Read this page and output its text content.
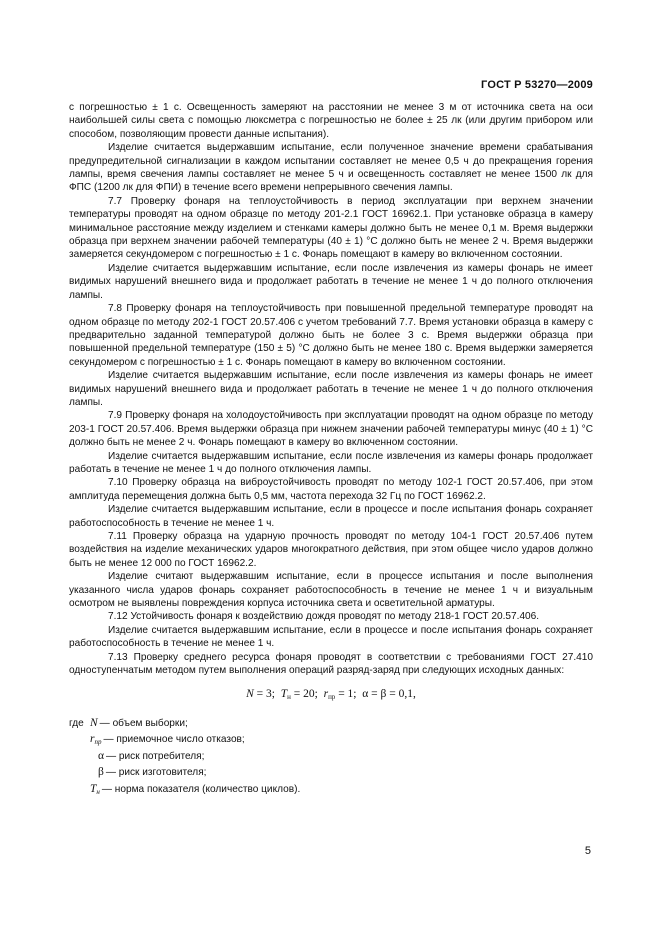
ГОСТ Р 53270—2009

с погрешностью ± 1 с. Освещенность замеряют на расстоянии не менее 3 м от источника света на оси наибольшей силы света с помощью люксметра с погрешностью не более ± 25 лк (или другим прибором или способом, позволяющим провести данные испытания).

Изделие считается выдержавшим испытание, если полученное значение времени срабатывания предупредительной сигнализации в каждом испытании составляет не менее 0,5 ч до прекращения горения лампы, время свечения лампы составляет не менее 5 ч и освещенность составляет не менее 1500 лк для ФПС (1200 лк для ФПИ) в течение всего времени непрерывного свечения лампы.

7.7 Проверку фонаря на теплоустойчивость в период эксплуатации при верхнем значении температуры проводят на одном образце по методу 201-2.1 ГОСТ 16962.1. При установке образца в камеру минимальное расстояние между изделием и стенками камеры должно быть не менее 0,1 м. Время выдержки образца при верхнем значении рабочей температуры (40 ± 1) °С должно быть не менее 2 ч. Время выдержки замеряется секундомером с погрешностью ± 1 с. Фонарь помещают в камеру во включенном состоянии.

Изделие считается выдержавшим испытание, если после извлечения из камеры фонарь не имеет видимых нарушений внешнего вида и продолжает работать в течение не менее 1 ч до полного отключения лампы.

7.8 Проверку фонаря на теплоустойчивость при повышенной предельной температуре проводят на одном образце по методу 202-1 ГОСТ 20.57.406 с учетом требований 7.7. Время установки образца в камеру с предварительно заданной температурой должно быть не более 3 с. Время выдержки образца при повышенной предельной температуре (150 ± 5) °С должно быть не менее 180 с. Время выдержки замеряется секундомером с погрешностью ± 1 с. Фонарь помещают в камеру во включенном состоянии.

Изделие считается выдержавшим испытание, если после извлечения из камеры фонарь не имеет видимых нарушений внешнего вида и продолжает работать в течение не менее 1 ч до полного отключения лампы.

7.9 Проверку фонаря на холодоустойчивость при эксплуатации проводят на одном образце по методу 203-1 ГОСТ 20.57.406. Время выдержки образца при нижнем значении рабочей температуры минус (40 ± 1) °С должно быть не менее 2 ч. Фонарь помещают в камеру во включенном состоянии.

Изделие считается выдержавшим испытание, если после извлечения из камеры фонарь продолжает работать в течение не менее 1 ч до полного отключения лампы.

7.10 Проверку образца на виброустойчивость проводят по методу 102-1 ГОСТ 20.57.406, при этом амплитуда перемещения должна быть 0,5 мм, частота перехода 32 Гц по ГОСТ 16962.2.

Изделие считается выдержавшим испытание, если в процессе и после испытания фонарь сохраняет работоспособность в течение не менее 1 ч.

7.11 Проверку образца на ударную прочность проводят по методу 104-1 ГОСТ 20.57.406 путем воздействия на изделие механических ударов многократного действия, при этом общее число ударов должно быть не менее 12 000 по ГОСТ 16962.2.

Изделие считают выдержавшим испытание, если в процессе испытания и после выполнения указанного числа ударов фонарь сохраняет работоспособность в течение не менее 1 ч и визуальным осмотром не выявлены повреждения корпуса источника света и осветительной арматуры.

7.12 Устойчивость фонаря к воздействию дождя проводят по методу 218-1 ГОСТ 20.57.406.

Изделие считается выдержавшим испытание, если в процессе и после испытания фонарь сохраняет работоспособность в течение не менее 1 ч.

7.13 Проверку среднего ресурса фонаря проводят в соответствии с требованиями ГОСТ 27.410 одноступенчатым методом путем выполнения операций разряд-заряд при следующих исходных данных:

N = 3; $T_н = 20$; $r_{пр} = 1$; α = β = 0,1,
где N — объем выборки;
$r_{пр}$ — приемочное число отказов;
α — риск потребителя;
β — риск изготовителя;
$T_н$ — норма показателя (количество циклов).
5
